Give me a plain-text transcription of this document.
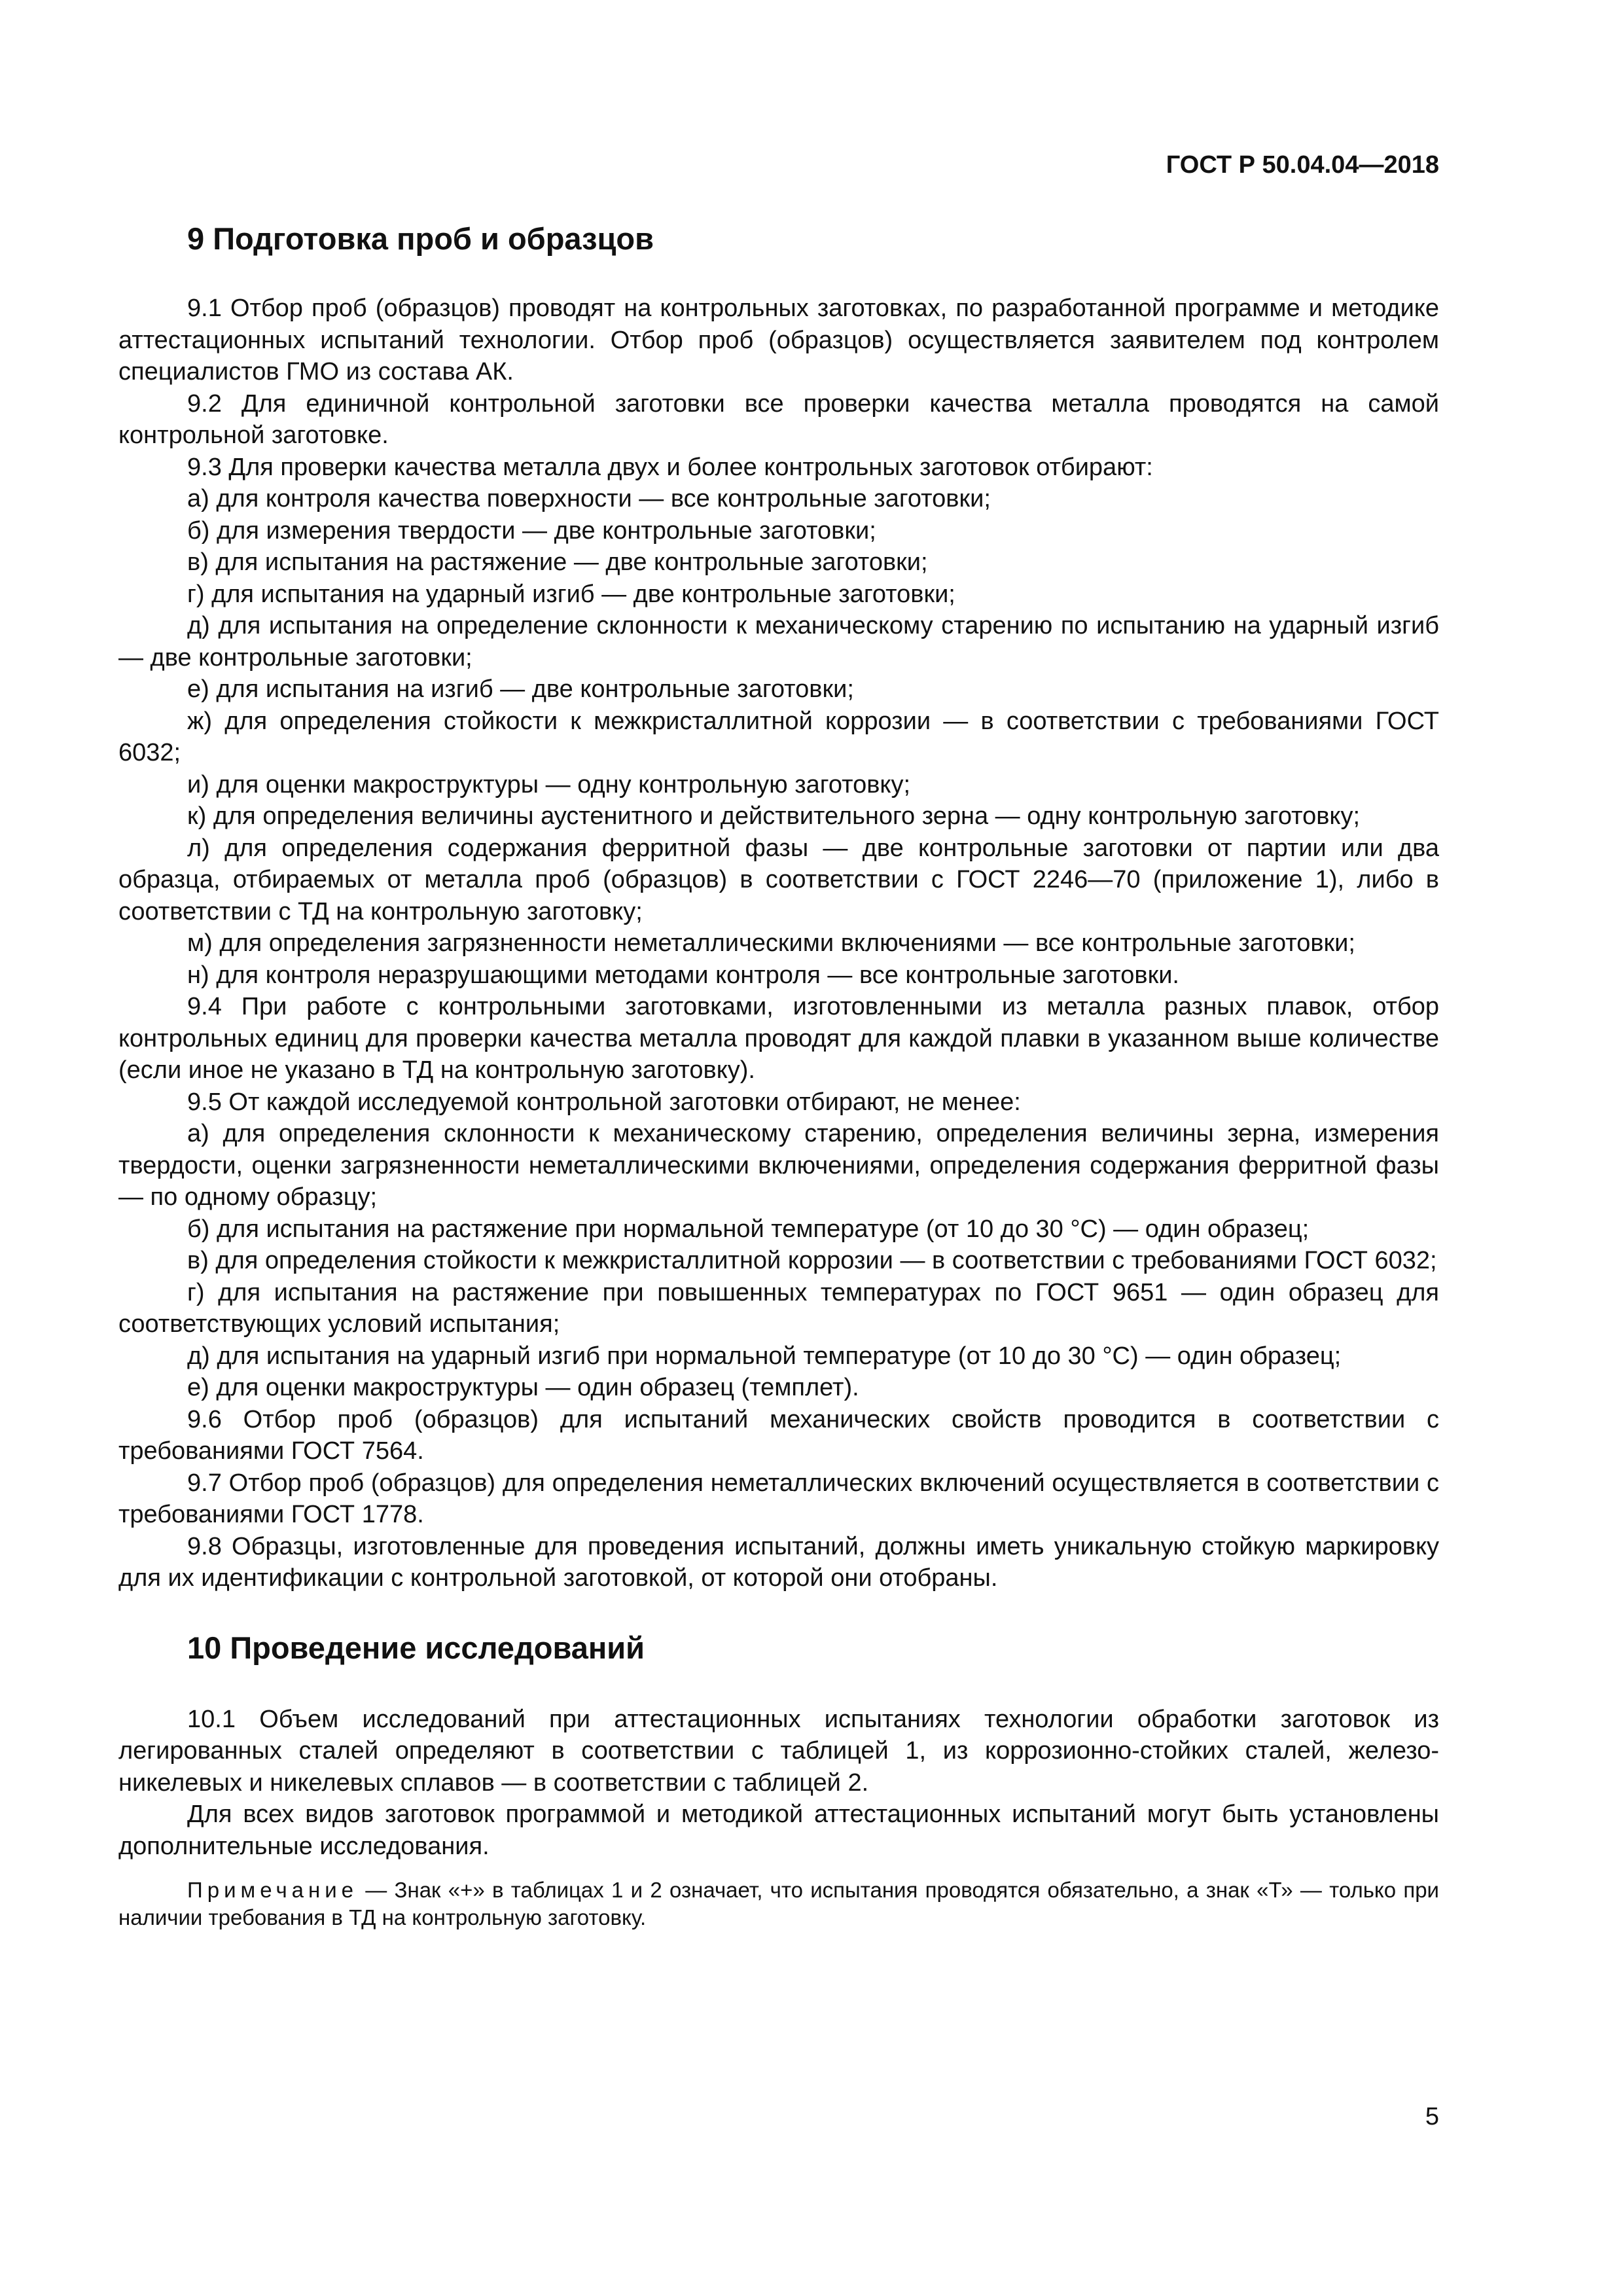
ГОСТ Р 50.04.04—2018
9 Подготовка проб и образцов

9.1 Отбор проб (образцов) проводят на контрольных заготовках, по разработанной программе и методике аттестационных испытаний технологии. Отбор проб (образцов) осуществляется заявителем под контролем специалистов ГМО из состава АК.

9.2 Для единичной контрольной заготовки все проверки качества металла проводятся на самой контрольной заготовке.

9.3 Для проверки качества металла двух и более контрольных заготовок отбирают:

а) для контроля качества поверхности — все контрольные заготовки;

б) для измерения твердости — две контрольные заготовки;

в) для испытания на растяжение — две контрольные заготовки;

г) для испытания на ударный изгиб — две контрольные заготовки;

д) для испытания на определение склонности к механическому старению по испытанию на ударный изгиб — две контрольные заготовки;

е) для испытания на изгиб — две контрольные заготовки;

ж) для определения стойкости к межкристаллитной коррозии — в соответствии с требованиями ГОСТ 6032;

и) для оценки макроструктуры — одну контрольную заготовку;

к) для определения величины аустенитного и действительного зерна — одну контрольную заготовку;

л) для определения содержания ферритной фазы — две контрольные заготовки от партии или два образца, отбираемых от металла проб (образцов) в соответствии с ГОСТ 2246—70 (приложение 1), либо в соответствии с ТД на контрольную заготовку;

м) для определения загрязненности неметаллическими включениями — все контрольные заготовки;

н) для контроля неразрушающими методами контроля — все контрольные заготовки.

9.4 При работе с контрольными заготовками, изготовленными из металла разных плавок, отбор контрольных единиц для проверки качества металла проводят для каждой плавки в указанном выше количестве (если иное не указано в ТД на контрольную заготовку).

9.5 От каждой исследуемой контрольной заготовки отбирают, не менее:

а) для определения склонности к механическому старению, определения величины зерна, измерения твердости, оценки загрязненности неметаллическими включениями, определения содержания ферритной фазы — по одному образцу;

б) для испытания на растяжение при нормальной температуре (от 10 до 30 °С) — один образец;

в) для определения стойкости к межкристаллитной коррозии — в соответствии с требованиями ГОСТ 6032;

г) для испытания на растяжение при повышенных температурах по ГОСТ 9651 — один образец для соответствующих условий испытания;

д) для испытания на ударный изгиб при нормальной температуре (от 10 до 30 °С) — один образец;

е) для оценки макроструктуры — один образец (темплет).

9.6 Отбор проб (образцов) для испытаний механических свойств проводится в соответствии с требованиями ГОСТ 7564.

9.7 Отбор проб (образцов) для определения неметаллических включений осуществляется в соответствии с требованиями ГОСТ 1778.

9.8 Образцы, изготовленные для проведения испытаний, должны иметь уникальную стойкую маркировку для их идентификации с контрольной заготовкой, от которой они отобраны.

10 Проведение исследований

10.1 Объем исследований при аттестационных испытаниях технологии обработки заготовок из легированных сталей определяют в соответствии с таблицей 1, из коррозионно-стойких сталей, железоникелевых и никелевых сплавов — в соответствии с таблицей 2.

Для всех видов заготовок программой и методикой аттестационных испытаний могут быть установлены дополнительные исследования.

Примечание — Знак «+» в таблицах 1 и 2 означает, что испытания проводятся обязательно, а знак «Т» — только при наличии требования в ТД на контрольную заготовку.

5
